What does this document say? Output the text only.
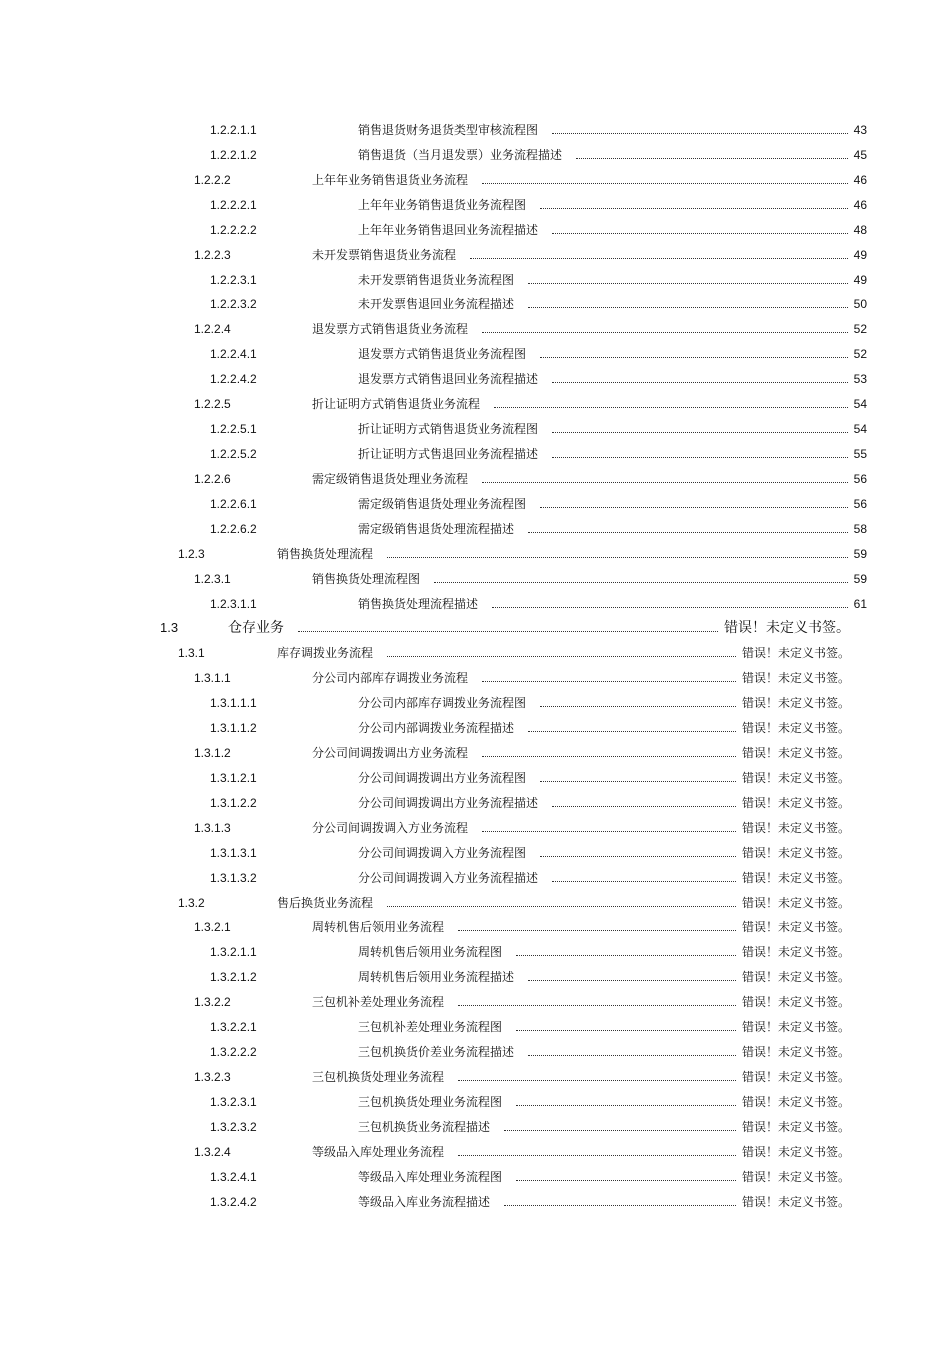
1.2.2.1.1	销售退货财务退货类型审核流程图	43
1.2.2.1.2	销售退货（当月退发票）业务流程描述	45
1.2.2.2	上年年业务销售退货业务流程	46
1.2.2.2.1	上年年业务销售退货业务流程图	46
1.2.2.2.2	上年年业务销售退回业务流程描述	48
1.2.2.3	未开发票销售退货业务流程	49
1.2.2.3.1	未开发票销售退货业务流程图	49
1.2.2.3.2	未开发票售退回业务流程描述	50
1.2.2.4	退发票方式销售退货业务流程	52
1.2.2.4.1	退发票方式销售退货业务流程图	52
1.2.2.4.2	退发票方式销售退回业务流程描述	53
1.2.2.5	折让证明方式销售退货业务流程	54
1.2.2.5.1	折让证明方式销售退货业务流程图	54
1.2.2.5.2	折让证明方式售退回业务流程描述	55
1.2.2.6	需定级销售退货处理业务流程	56
1.2.2.6.1	需定级销售退货处理业务流程图	56
1.2.2.6.2	需定级销售退货处理流程描述	58
1.2.3	销售换货处理流程	59
1.2.3.1	销售换货处理流程图	59
1.2.3.1.1	销售换货处理流程描述	61
1.3	仓存业务	错误！未定义书签。
1.3.1	库存调拨业务流程	错误！未定义书签。
1.3.1.1	分公司内部库存调拨业务流程	错误！未定义书签。
1.3.1.1.1	分公司内部库存调拨业务流程图	错误！未定义书签。
1.3.1.1.2	分公司内部调拨业务流程描述	错误！未定义书签。
1.3.1.2	分公司间调拨调出方业务流程	错误！未定义书签。
1.3.1.2.1	分公司间调拨调出方业务流程图	错误！未定义书签。
1.3.1.2.2	分公司间调拨调出方业务流程描述	错误！未定义书签。
1.3.1.3	分公司间调拨调入方业务流程	错误！未定义书签。
1.3.1.3.1	分公司间调拨调入方业务流程图	错误！未定义书签。
1.3.1.3.2	分公司间调拨调入方业务流程描述	错误！未定义书签。
1.3.2	售后换货业务流程	错误！未定义书签。
1.3.2.1	周转机售后领用业务流程	错误！未定义书签。
1.3.2.1.1	周转机售后领用业务流程图	错误！未定义书签。
1.3.2.1.2	周转机售后领用业务流程描述	错误！未定义书签。
1.3.2.2	三包机补差处理业务流程	错误！未定义书签。
1.3.2.2.1	三包机补差处理业务流程图	错误！未定义书签。
1.3.2.2.2	三包机换货价差业务流程描述	错误！未定义书签。
1.3.2.3	三包机换货处理业务流程	错误！未定义书签。
1.3.2.3.1	三包机换货处理业务流程图	错误！未定义书签。
1.3.2.3.2	三包机换货业务流程描述	错误！未定义书签。
1.3.2.4	等级品入库处理业务流程	错误！未定义书签。
1.3.2.4.1	等级品入库处理业务流程图	错误！未定义书签。
1.3.2.4.2	等级品入库业务流程描述	错误！未定义书签。
